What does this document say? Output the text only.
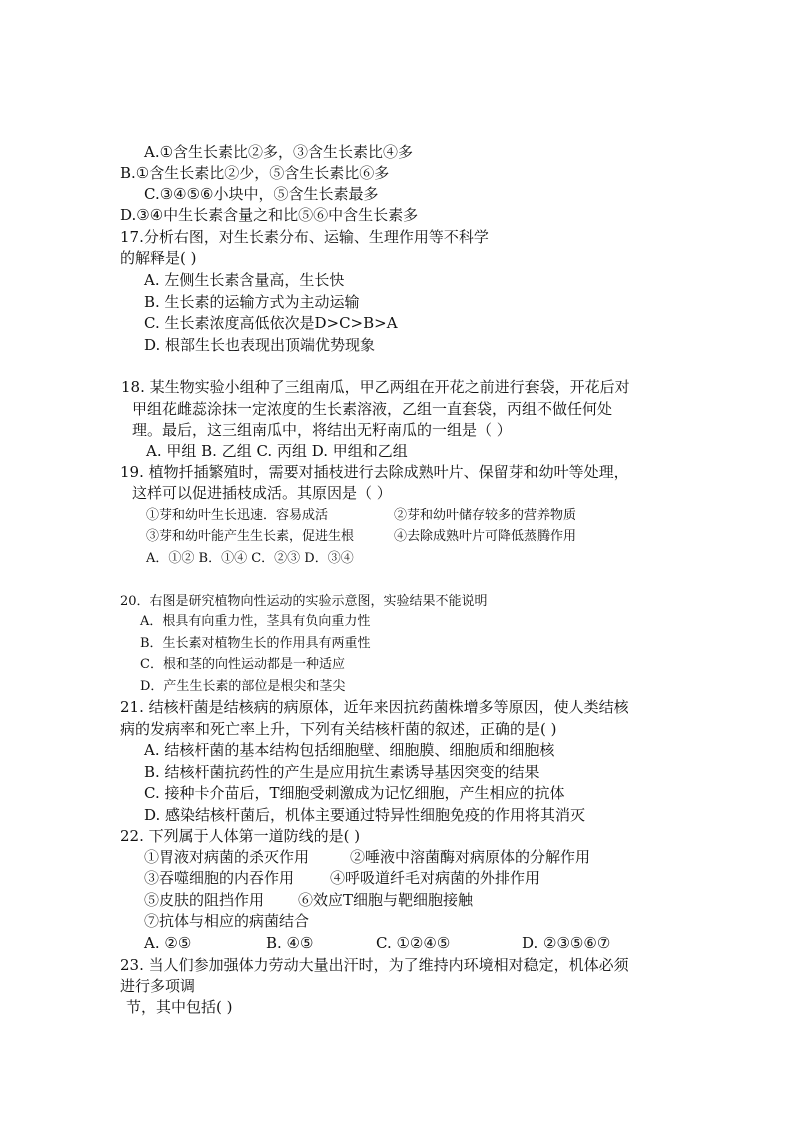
A.①含生长素比②多，③含生长素比④多
B.①含生长素比②少，⑤含生长素比⑥多
C.③④⑤⑥小块中，⑤含生长素最多
D.③④中生长素含量之和比⑤⑥中含生长素多
17.分析右图，对生长素分布、运输、生理作用等不科学
的解释是( )
A. 左侧生长素含量高，生长快
B. 生长素的运输方式为主动运输
C. 生长素浓度高低依次是D>C>B>A
D. 根部生长也表现出顶端优势现象
18. 某生物实验小组种了三组南瓜，甲乙两组在开花之前进行套袋，开花后对
甲组花雌蕊涂抹一定浓度的生长素溶液，乙组一直套袋，丙组不做任何处
理。最后，这三组南瓜中，将结出无籽南瓜的一组是（ ）
A. 甲组 B. 乙组 C. 丙组 D. 甲组和乙组
19. 植物扦插繁殖时，需要对插枝进行去除成熟叶片、保留芽和幼叶等处理，
这样可以促进插枝成活。其原因是（ ）
①芽和幼叶生长迅速．容易成活	②芽和幼叶储存较多的营养物质
③芽和幼叶能产生生长素，促进生根	④去除成熟叶片可降低蒸腾作用
A．①② B．①④ C．②③ D．③④
20．右图是研究植物向性运动的实验示意图，实验结果不能说明
A．根具有向重力性，茎具有负向重力性
B．生长素对植物生长的作用具有两重性
C．根和茎的向性运动都是一种适应
D．产生生长素的部位是根尖和茎尖
21. 结核杆菌是结核病的病原体，近年来因抗药菌株增多等原因，使人类结核
病的发病率和死亡率上升，下列有关结核杆菌的叙述，正确的是( )
A. 结核杆菌的基本结构包括细胞壁、细胞膜、细胞质和细胞核
B. 结核杆菌抗药性的产生是应用抗生素诱导基因突变的结果
C. 接种卡介苗后，T细胞受刺激成为记忆细胞，产生相应的抗体
D. 感染结核杆菌后，机体主要通过特异性细胞免疫的作用将其消灭
22. 下列属于人体第一道防线的是( )
①胃液对病菌的杀灭作用	②唾液中溶菌酶对病原体的分解作用
③吞噬细胞的内吞作用 ④呼吸道纤毛对病菌的外排作用
⑤皮肤的阻挡作用 ⑥效应T细胞与靶细胞接触
⑦抗体与相应的病菌结合
A. ②⑤	B. ④⑤	C. ①②④⑤	D. ②③⑤⑥⑦
23. 当人们参加强体力劳动大量出汗时，为了维持内环境相对稳定，机体必须
进行多项调
节，其中包括( )
